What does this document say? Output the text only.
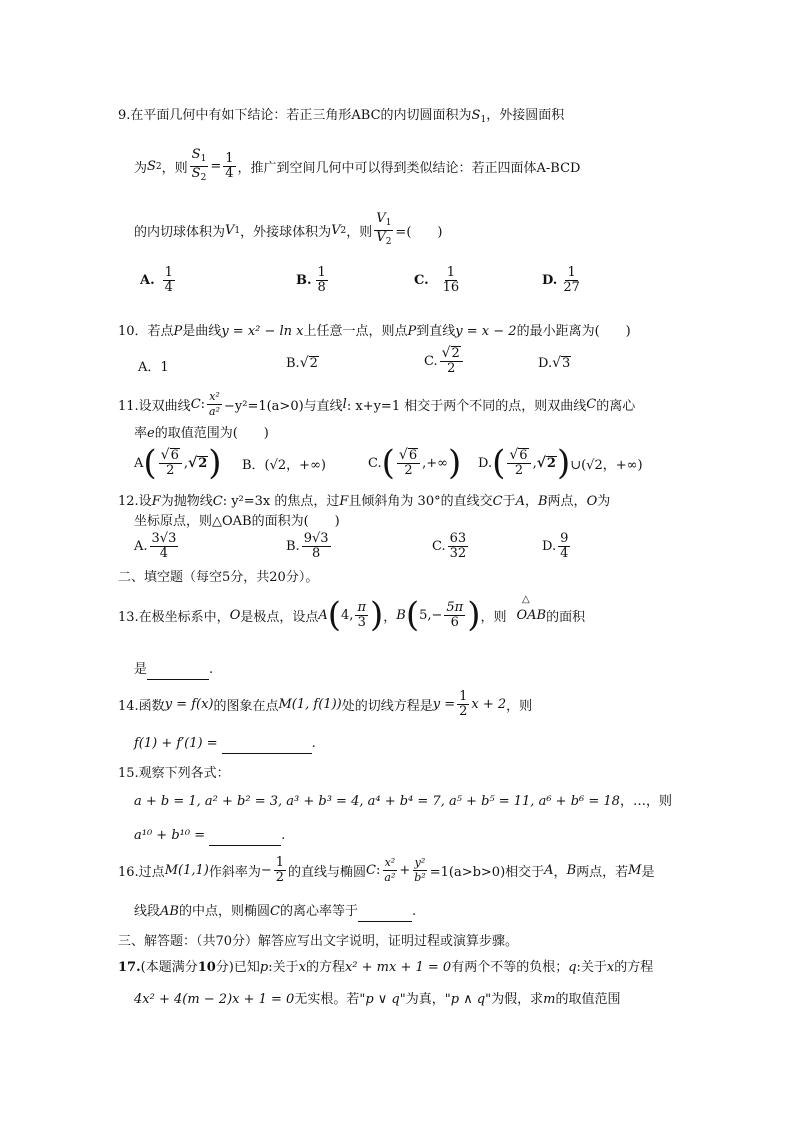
9.在平面几何中有如下结论：若正三角形ABC的内切圆面积为$S_1$，外接圆面积
为 S 2 ，则 $\frac{S_1}{S_2} = \frac{1}{4}$ ，推广到空间几何中可以得到类似结论：若正四面体A-BCD
的内切球体积为 V 1 ，外接球体积为 V 2 ，则 $\frac{V_1}{V_2}$ =(　　)
A. $\frac{1}{4}$	B. $\frac{1}{8}$	C. $\frac{1}{16}$	D. $\frac{1}{27}$
10．若点P是曲线y = x² − ln x上任意一点，则点P到直线y = x − 2的最小距离为(　　)
A．1	B. √ 2	C. $\frac{√ 2}{2}$	D. √ 3
11.设双曲线 C : $\frac{\text{x²}}{\text{a²}} -y^2=1(a>0)$与直线 l : x+y=1 相交于两个不同的点，则双曲线 C 的离心
率e的取值范围为(　　)
A ( $\frac{√ 6}{2}$ , √ 2 ) B．(√2，+∞)	C. ( $\frac{√ 6}{2}$ ,+∞ ) D. ( $\frac{√ 6}{2}$ , √ 2 ) ∪(√2，+∞)
12.设F为抛物线C: y²=3x 的焦点，过F且倾斜角为 30°的直线交C于A，B两点，O为
坐标原点，则△OAB的面积为(　　)
A. $\frac{3√3}{4}$	B. $\frac{9√3}{8}$	C. $\frac{63}{32}$	D. $\frac{9}{4}$
二、填空题（每空5分，共20分）。
△
13.在极坐标系中， O 是极点，设点 A ( 4, $\frac{\pi}{3}$ ) ， B ( $5,- \frac{5\pi}{6}$ ) ，则 OAB 的面积
是	.
14.函数 y = f(x) 的图象在点 M(1, f(1)) 处的切线方程是 $y = \frac{1}{2}$ x + 2 ，则
f(1) + f′(1) =	.
15.观察下列各式：
a + b = 1, a² + b² = 3, a³ + b³ = 4, a⁴ + b⁴ = 7, a⁵ + b⁵ = 11, a⁶ + b⁶ = 18，…，则
a¹⁰ + b¹⁰ =	.
16.过点 M(1,1) 作斜率为 − $\frac{1}{2}$ 的直线与椭圆 C : $\frac{\text{x²}}{\text{a²}} + \frac{\text{y²}}{\text{b²}} =1(a>b>0)$相交于 A ， B 两点，若 M 是
线段AB的中点，则椭圆C的离心率等于	.
三、解答题：（共70分）解答应写出文字说明，证明过程或演算步骤。
17.(本题满分10分)已知p:关于x的方程x² + mx + 1 = 0有两个不等的负根；q:关于x的方程
4x² + 4(m − 2)x + 1 = 0无实根。若"p ∨ q"为真，"p ∧ q"为假，求m的取值范围
